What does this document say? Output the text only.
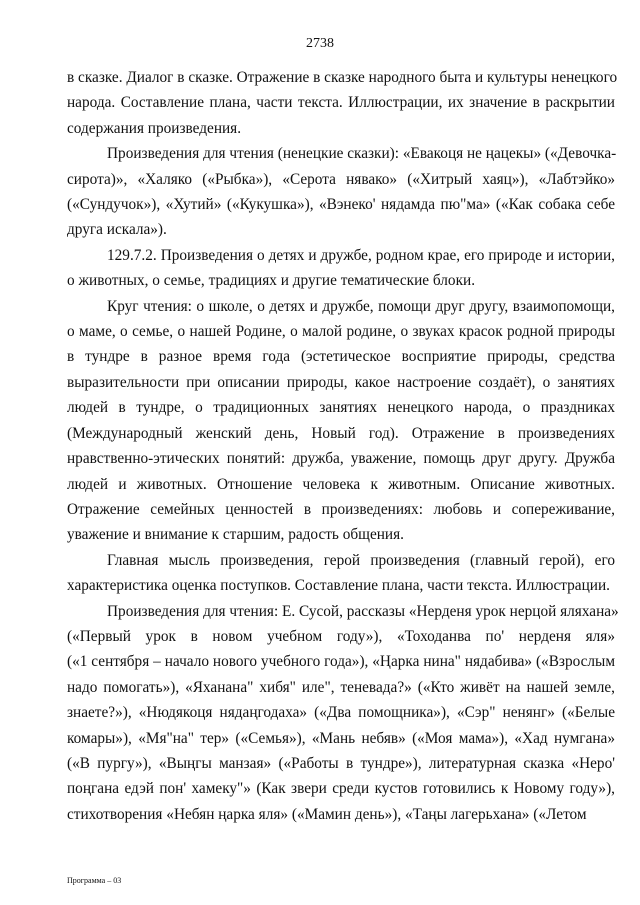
2738
в сказке. Диалог в сказке. Отражение в сказке народного быта и культуры ненецкого
народа. Составление плана, части текста. Иллюстрации, их значение в раскрытии
содержания произведения.
Произведения для чтения (ненецкие сказки): «Евакоця не ңацекы» («Девочка-
сирота)», «Халяко («Рыбка»), «Серота нявако» («Хитрый хаяц»), «Лабтэйко»
(«Сундучок»), «Хутий» («Кукушка»), «Вэнеко' нядамда пю"ма» («Как собака себе
друга искала»).
129.7.2. Произведения о детях и дружбе, родном крае, его природе и истории,
о животных, о семье, традициях и другие тематические блоки.
Круг чтения: о школе, о детях и дружбе, помощи друг другу, взаимопомощи,
о маме, о семье, о нашей Родине, о малой родине, о звуках красок родной природы
в тундре в разное время года (эстетическое восприятие природы, средства
выразительности при описании природы, какое настроение создаёт), о занятиях
людей в тундре, о традиционных занятиях ненецкого народа, о праздниках
(Международный женский день, Новый год). Отражение в произведениях
нравственно-этических понятий: дружба, уважение, помощь друг другу. Дружба
людей и животных. Отношение человека к животным. Описание животных.
Отражение семейных ценностей в произведениях: любовь и сопереживание,
уважение и внимание к старшим, радость общения.
Главная мысль произведения, герой произведения (главный герой), его
характеристика оценка поступков. Составление плана, части текста. Иллюстрации.
Произведения для чтения: Е. Сусой, рассказы «Нерденя урок нерцой яляхана»
(«Первый урок в новом учебном году»), «Тоходанва по' нерденя яля»
(«1 сентября – начало нового учебного года»), «Ңарка нина" нядабива» («Взрослым
надо помогать»), «Яханана" хибя" иле", теневада?» («Кто живёт на нашей земле,
знаете?»), «Нюдякоця нядаңгодаха» («Два помощника»), «Сэр" ненянг» («Белые
комары»), «Мя"на" тер» («Семья»), «Мань небяв» («Моя мама»), «Хад нумгана»
(«В пургу»), «Выңгы манзая» («Работы в тундре»), литературная сказка «Неро'
поңгана едэй пон' хамеку"» (Как звери среди кустов готовились к Новому году»),
стихотворения «Небян ңарка яля» («Мамин день»), «Таңы лагерьхана» («Летом
Программа – 03
